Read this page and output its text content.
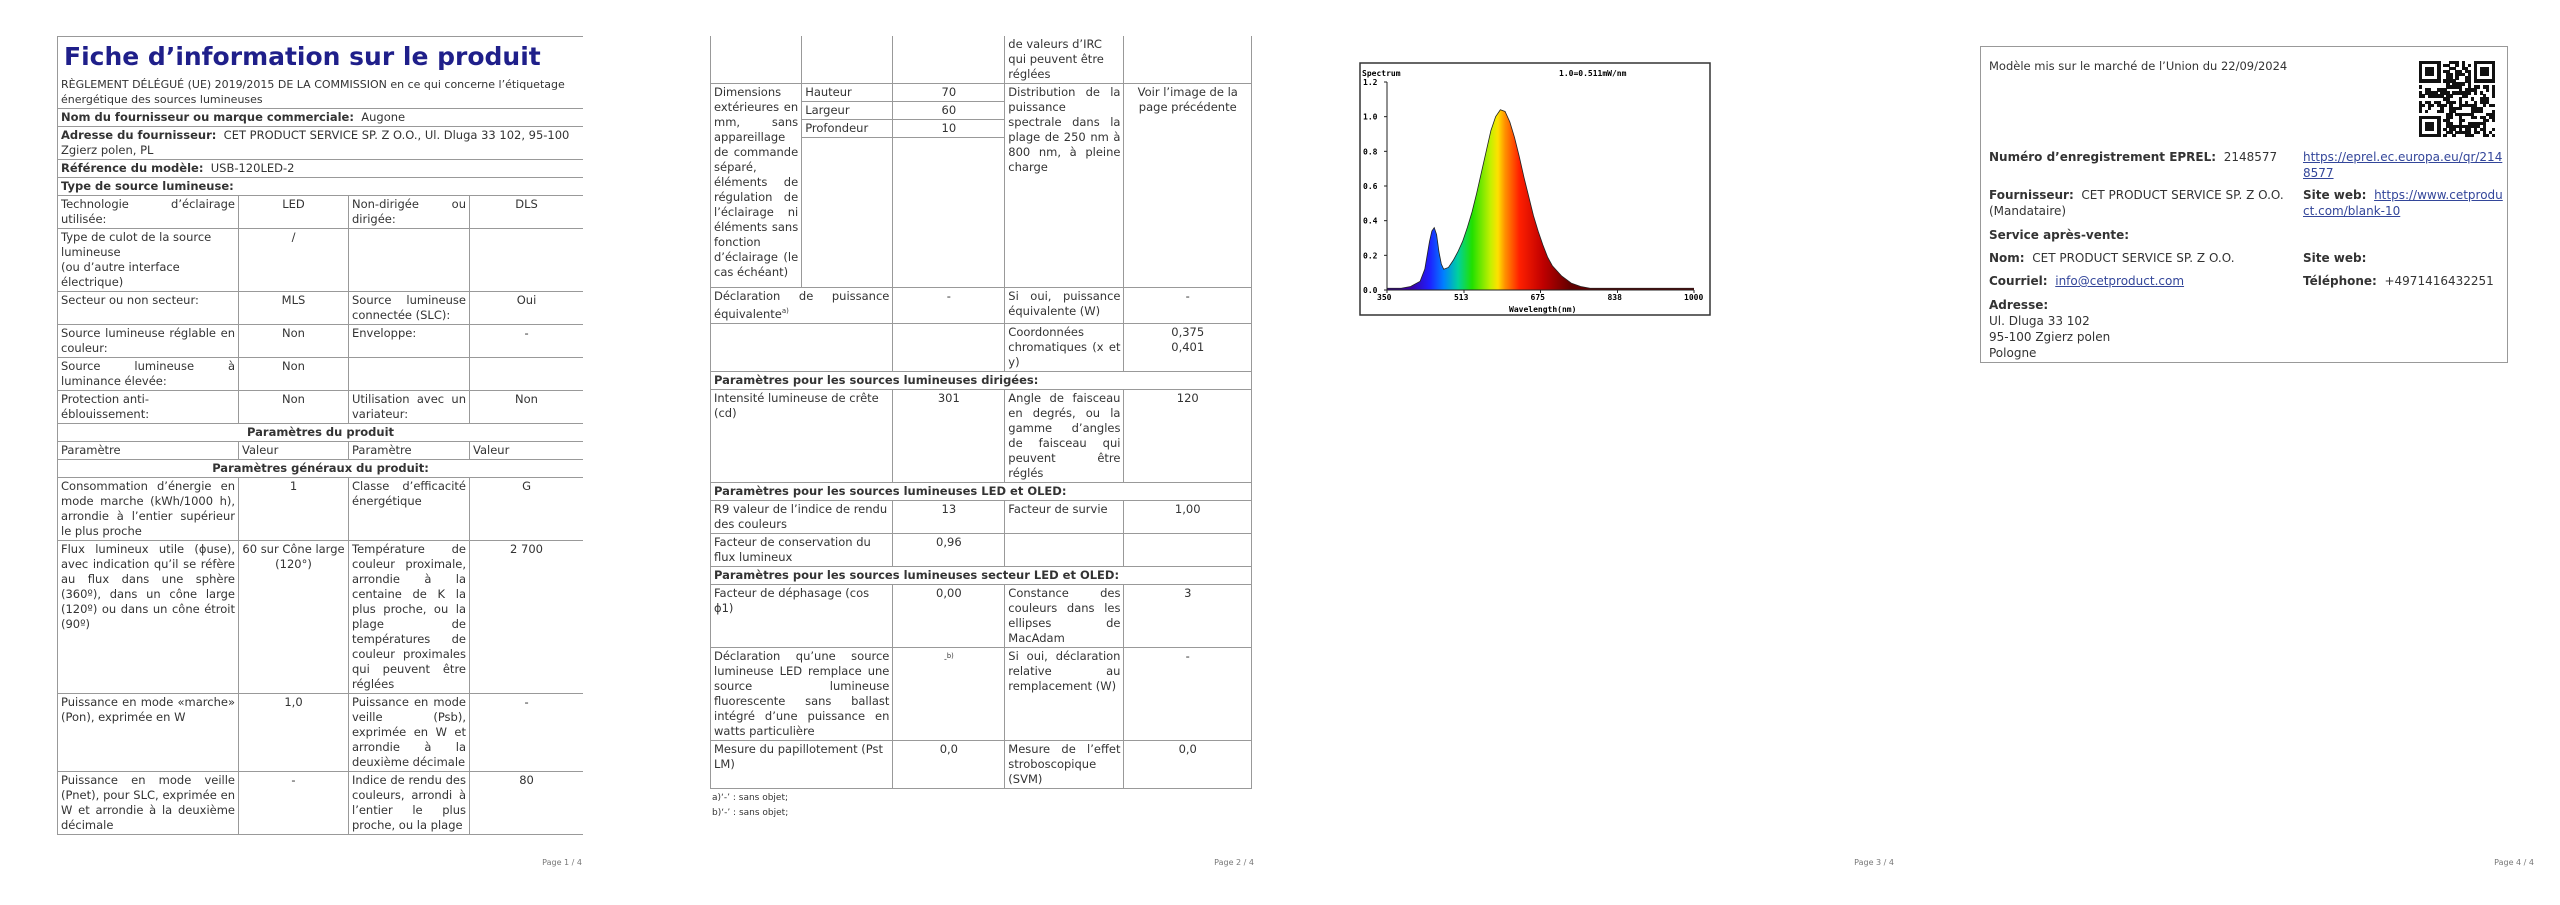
Fiche d’information sur le produit			

RÈGLEMENT DÉLÉGUÉ (UE) 2019/2015 DE LA COMMISSION en ce qui concerne l’étiquetage énergétique des sources lumineuses			
Nom du fournisseur ou marque commerciale: Augone			
Adresse du fournisseur: CET PRODUCT SERVICE SP. Z O.O., Ul. Dluga 33 102, 95-100 Zgierz polen, PL			
Référence du modèle: USB-120LED-2			
Type de source lumineuse:			
Technologie d’éclairage utilisée:	LED	Non-dirigée ou dirigée:	DLS

Type de culot de la source lumineuse
(ou d’autre interface électrique)	/		
Secteur ou non secteur:	MLS	Source lumineuse connectée (SLC):	Oui
Source lumineuse réglable en couleur:	Non	Enveloppe:	-
Source lumineuse à luminance élevée:	Non		
Protection anti-éblouissement:	Non	Utilisation avec un variateur:	Non
Paramètres du produit			
Paramètre	Valeur	Paramètre	Valeur
Paramètres généraux du produit:			
Consommation d’énergie en mode marche (kWh/1000 h), arrondie à l’entier supérieur le plus proche	1	Classe d’efficacité énergétique	G
Flux lumineux utile (ɸuse), avec indication qu’il se réfère au flux dans une sphère (360º), dans un cône large (120º) ou dans un cône étroit (90º)	60 sur Cône large (120°)	Température de couleur proximale, arrondie à la centaine de K la plus proche, ou la plage de températures de couleur proximales qui peuvent être réglées	2 700
Puissance en mode «marche» (Pon), exprimée en W	1,0	Puissance en mode veille (Psb), exprimée en W et arrondie à la deuxième décimale	-
Puissance en mode veille (Pnet), pour SLC, exprimée en W et arrondie à la deuxième décimale	-	Indice de rendu des couleurs, arrondi à l’entier le plus proche, ou la plage	80
Page 1 / 4
			de valeurs d’IRC qui peuvent être réglées	
Dimensions extérieures en mm, sans appareillage de commande séparé, éléments de régulation de l’éclairage ni éléments sans fonction d’éclairage (le cas échéant)	Hauteur	70	Distribution de la puissance spectrale dans la plage de 250 nm à 800 nm, à pleine charge	Voir l’image de la page précédente
	Largeur	60		
	Profondeur	10		

Déclaration de puissance équivalente$^{a)}$		-	Si oui, puissance équivalente (W)	-
			Coordonnées chromatiques (x et y)	0,375
0,401

Paramètres pour les sources lumineuses dirigées:				
Intensité lumineuse de crête (cd)		301	Angle de faisceau en degrés, ou la gamme d’angles de faisceau qui peuvent être réglés	120
Paramètres pour les sources lumineuses LED et OLED:				
R9 valeur de l’indice de rendu des couleurs		13	Facteur de survie	1,00
Facteur de conservation du flux lumineux		0,96		
Paramètres pour les sources lumineuses secteur LED et OLED:				
Facteur de déphasage (cos ϕ1)		0,00	Constance des couleurs dans les ellipses de MacAdam	3
Déclaration qu’une source lumineuse LED remplace une source lumineuse fluorescente sans ballast intégré d’une puissance en watts particulière		-$^{b)}$	Si oui, déclaration relative au remplacement (W)	-
Mesure du papillotement (Pst LM)		0,0	Mesure de l’effet stroboscopique (SVM)	0,0
a)‘-’ : sans objet;
b)‘-’ : sans objet;
Page 2 / 4
Spectrum	1.0=0.511mW/nm
Wavelength(nm)
1.2
1.0
0.8
0.6
0.4
0.2
0.0
350	513	675	838	1000
Page 3 / 4
Modèle mis sur le marché de l’Union du 22/09/2024
Numéro d’enregistrement EPREL: 2148577	https://eprel.ec.europa.eu/qr/2148577
Fournisseur: CET PRODUCT SERVICE SP. Z O.O. (Mandataire)
Site web: https://www.cetproduct.com/blank-10
Service après-vente:
Nom: CET PRODUCT SERVICE SP. Z O.O.	Site web:
Courriel: info@cetproduct.com	Téléphone: +4971416432251
Adresse:
Ul. Dluga 33 102
95-100 Zgierz polen
Pologne
Page 4 / 4
